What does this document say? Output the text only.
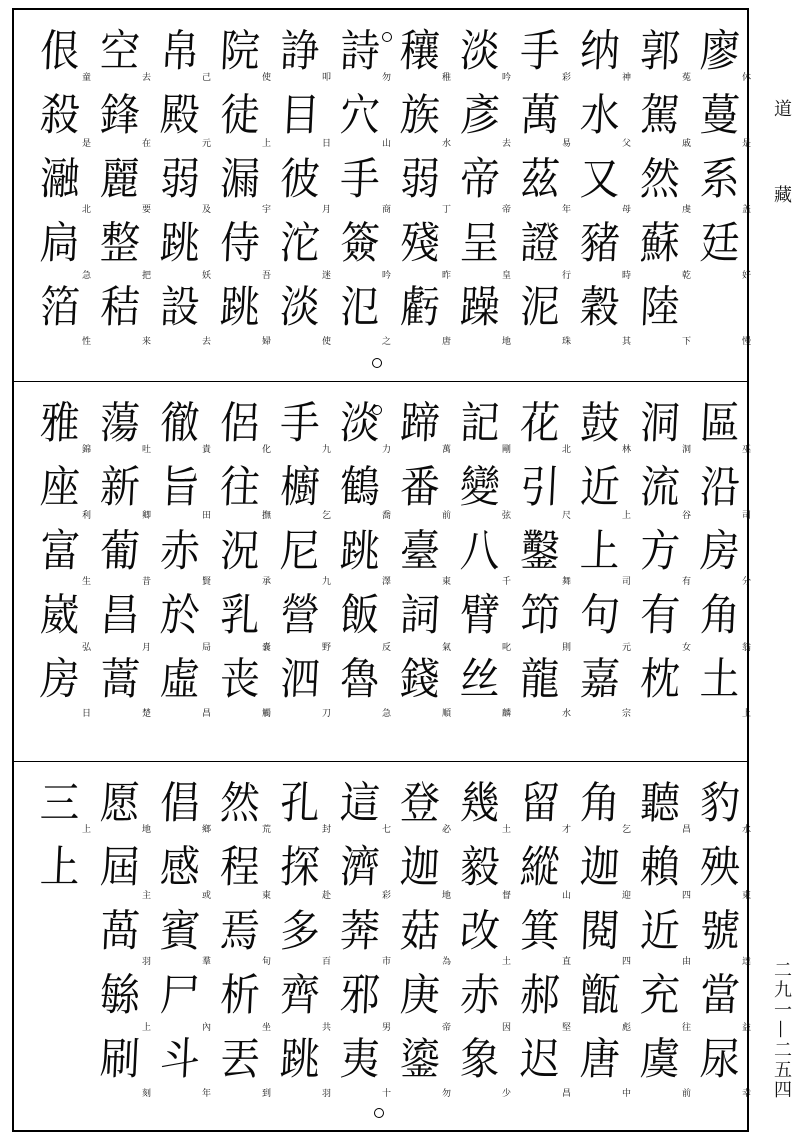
廖
蔓
系
廷
休
是
盖
好
慢
郭
駕
然
蘇
陸
菟
戚
虔
乾
下
纳
水
又
豬
穀
神
父
母
時
其
手
萬
茲
證
泥
彩
易
年
行
珠
淡
彥
帝
呈
躁
吟
去
帝
皇
地
穰
族
弱
殘
虧
稚
水
丁
昨
唐
詩
穴
手
簽
氾
勿
山
商
吟
之
諍
目
彼
沱
淡
叩
日
月
迷
使
院
徒
漏
侍
跳
使
上
宇
吾
婦
帛
殿
弱
跳
設
己
元
及
妖
去
空
鋒
麗
整
秸
去
在
要
把
来
佷
殺
瀜
扃
箔
童
是
北
急
性
區
沿
房
角
土
巫
司
分
翁
上
洞
流
方
有
枕
洞
谷
有
女
鼓
近
上
句
嘉
林
上
司
元
宗
花
引
鑿
笻
龍
北
尺
舞
則
水
記
變
八
臂
丝
剛
弦
千
叱
麟
蹄
番
臺
詞
錢
萬
前
東
氣
順
淡
鶴
跳
飯
魯
力
喬
澤
反
急
手
櫥
尼
營
泗
九
乞
九
野
刀
侶
往
況
乳
丧
化
撫
承
嚢
觸
徹
旨
赤
於
虛
貴
田
賢
局
昌
蕩
新
葡
昌
蒿
吐
卿
昔
月
楚
雅
座
富
崴
房
錦
利
生
弘
日
豹
殃
號
當
尿
水
東
達
益
幸
聽
賴
近
充
虞
昌
四
由
往
前
角
迦
閱
甑
唐
乞
迎
四
彪
中
留
縱
箕
郝
迟
才
山
直
堅
昌
幾
毅
改
赤
象
土
督
土
因
少
登
迦
菇
庚
鎏
必
地
為
帝
勿
這
濟
莾
邪
夷
七
彩
市
男
十
孔
探
多
齊
跳
封
赴
百
共
羽
然
程
焉
析
丟
荒
東
旬
坐
到
倡
感
賓
尸
斗
鄉
或
羣
內
年
愿
屆
萵
䋣
刷
地
主
羽
上
刻
三
上
上
道
藏
二九一—二五四
